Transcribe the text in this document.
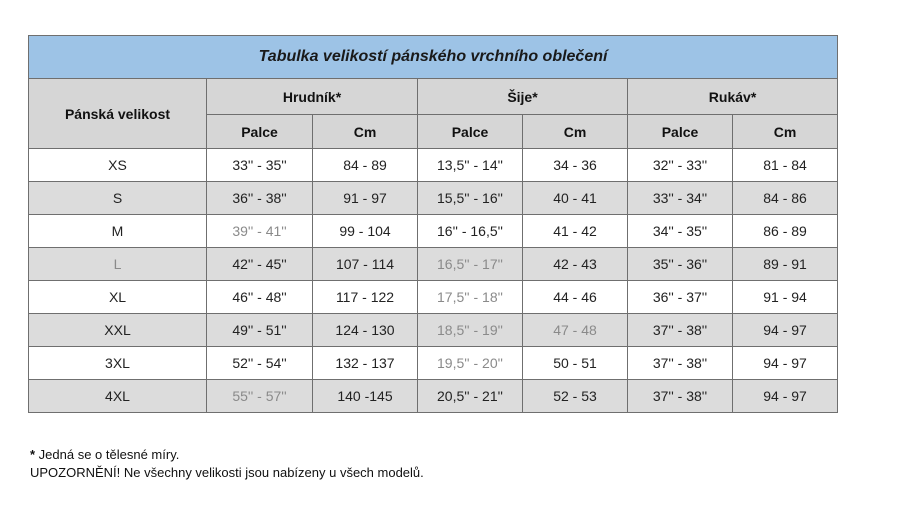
Tabulka velikostí pánského vrchního oblečení						
Pánská velikost	Hrudník*		Šije*		Rukáv*	
	Palce	Cm	Palce	Cm	Palce	Cm
XS	33'' - 35''	84 - 89	13,5'' - 14''	34 - 36	32'' - 33''	81 - 84
S	36'' - 38''	91 - 97	15,5'' - 16''	40 - 41	33'' - 34''	84 - 86
M	39'' - 41''	99 - 104	16'' - 16,5''	41 - 42	34'' - 35''	86 - 89
L	42'' - 45''	107 - 114	16,5'' - 17''	42 - 43	35'' - 36''	89 - 91
XL	46'' - 48''	117 - 122	17,5'' - 18''	44 - 46	36'' - 37''	91 - 94
XXL	49'' - 51''	124 - 130	18,5'' - 19''	47 - 48	37'' - 38''	94 - 97
3XL	52'' - 54''	132 - 137	19,5'' - 20''	50 - 51	37'' - 38''	94 - 97
4XL	55'' - 57''	140 -145	20,5'' - 21''	52 - 53	37'' - 38''	94 - 97
* Jedná se o tělesné míry.
UPOZORNĚNÍ! Ne všechny velikosti jsou nabízeny u všech modelů.
